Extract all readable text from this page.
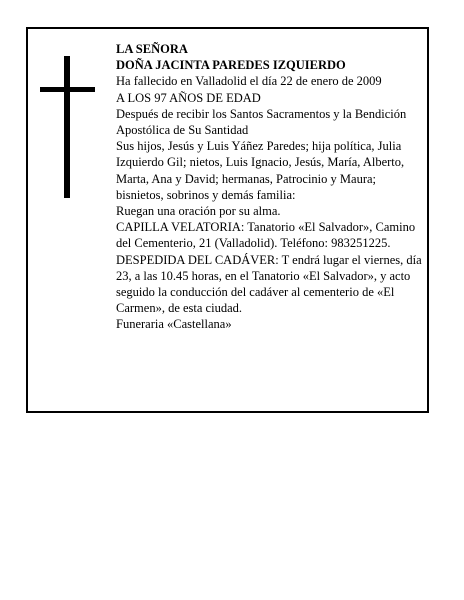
LA SEÑORA

DOÑA JACINTA PAREDES IZQUIERDO

Ha fallecido en Valladolid el día 22 de enero de 2009

A LOS 97 AÑOS DE EDAD

Después de recibir los Santos Sacramentos y la Bendición Apostólica de Su Santidad

Sus hijos, Jesús y Luis Yáñez Paredes; hija política, Julia Izquierdo Gil; nietos, Luis Ignacio, Jesús, María, Alberto, Marta, Ana y David; hermanas, Patrocinio y Maura; bisnietos, sobrinos y demás familia:

Ruegan una oración por su alma.

CAPILLA VELATORIA: Tanatorio «El Salvador», Camino del Cementerio, 21 (Valladolid). Teléfono: 983251225.

DESPEDIDA DEL CADÁVER: T endrá lugar el viernes, día 23, a las 10.45 horas, en el Tanatorio «El Salvador», y acto seguido la conducción del cadáver al cementerio de «El Carmen», de esta ciudad.

Funeraria «Castellana»
